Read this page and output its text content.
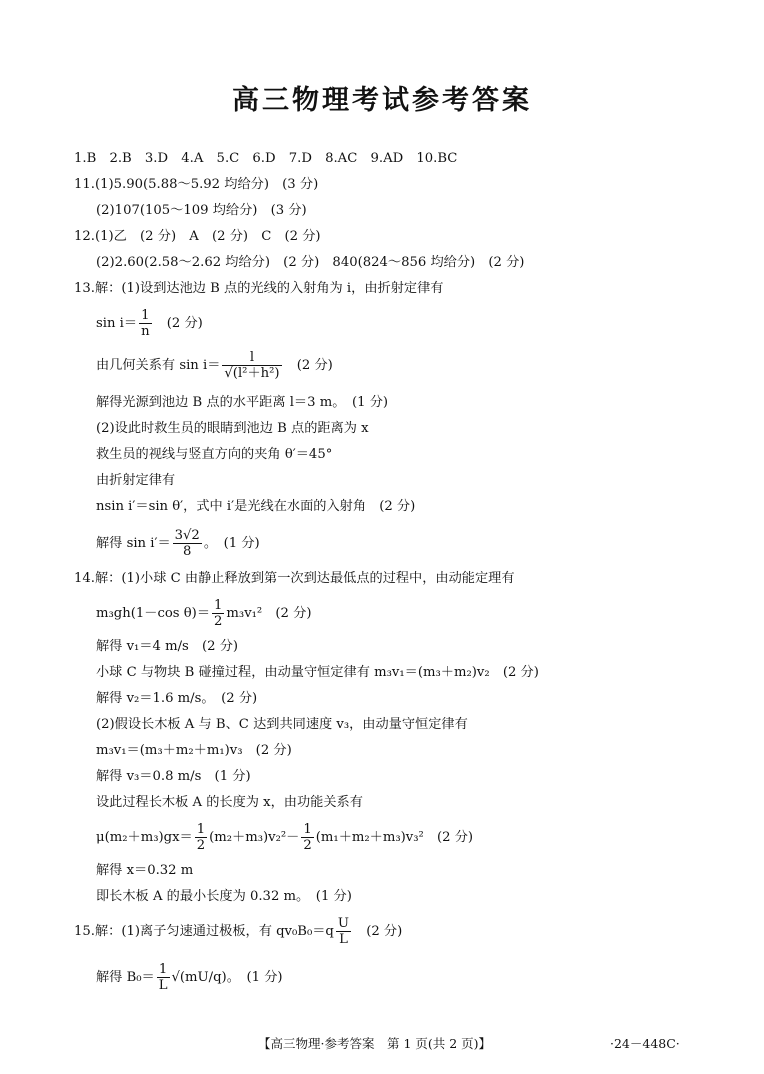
高三物理考试参考答案
1.B　2.B　3.D　4.A　5.C　6.D　7.D　8.AC　9.AD　10.BC
11.(1)5.90(5.88～5.92 均给分)　(3 分)
(2)107(105～109 均给分)　(3 分)
12.(1)乙　(2 分)　A　(2 分)　C　(2 分)
(2)2.60(2.58～2.62 均给分)　(2 分)　840(824～856 均给分)　(2 分)
13.解：(1)设到达池边 B 点的光线的入射角为 i，由折射定律有
$\sin i= \frac{1}{n}$ 　(2 分)
由几何关系有 $\sin i= \frac{l}{\text{√(l²＋h²)}}$ 　(2 分)
解得光源到池边 B 点的水平距离 l＝3 m。　(1 分)
(2)设此时救生员的眼睛到池边 B 点的距离为 x
救生员的视线与竖直方向的夹角 θ′＝45°
由折射定律有
nsin i′＝sin θ′，式中 i′是光线在水面的入射角　(2 分)
解得 $\sin i'= \frac{3√2}{8}$ 。　(1 分)
14.解：(1)小球 C 由静止释放到第一次到达最低点的过程中，由动能定理有
m₃gh(1－cos $\theta)= \frac{1}{2} m_3v_1^2$　(2 分)
解得 v₁＝4 m/s　(2 分)
小球 C 与物块 B 碰撞过程，由动量守恒定律有 m₃v₁＝(m₃＋m₂)v₂　(2 分)
解得 v₂＝1.6 m/s。　(2 分)
(2)假设长木板 A 与 B、C 达到共同速度 v₃，由动量守恒定律有
m₃v₁＝(m₃＋m₂＋m₁)v₃　(2 分)
解得 v₃＝0.8 m/s　(1 分)
设此过程长木板 A 的长度为 x，由功能关系有
$\mu(m_2+m_3)gx= \frac{1}{2} (m_2+m_3)v_2^2- \frac{1}{2} (m_1+m_2+m_3)v_3^2$　(2 分)
解得 x＝0.32 m
即长木板 A 的最小长度为 0.32 m。　(1 分)
15.解：(1)离子匀速通过极板，有 $qv_0B_0=q \frac{U}{L}$ 　(2 分)
解得 $B_0= \frac{1}{L} √(mU/q)$。　(1 分)
【高三物理·参考答案　第 1 页(共 2 页)】	·24－448C·
